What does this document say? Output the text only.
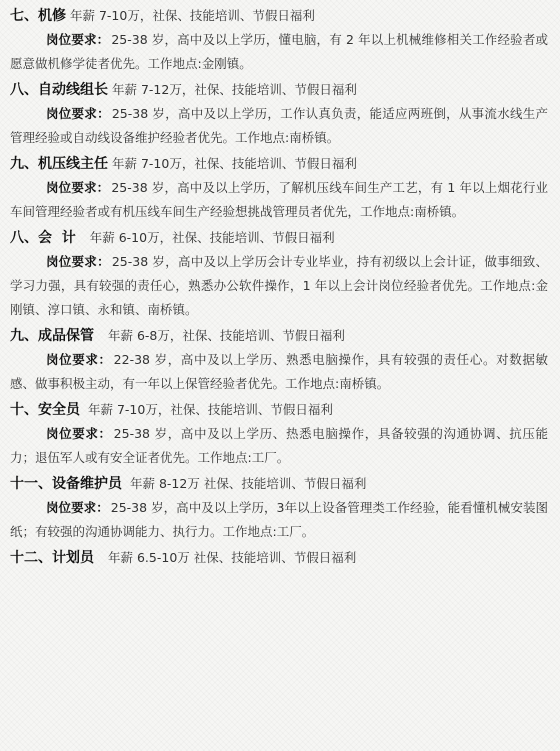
七、机修 年薪 7-10万，社保、技能培训、节假日福利

岗位要求： 25-38 岁，高中及以上学历，懂电脑，有 2 年以上机械维修相关工作经验者或愿意做机修学徒者优先。工作地点:金刚镇。

八、自动线组长 年薪 7-12万，社保、技能培训、节假日福利

岗位要求： 25-38 岁，高中及以上学历，工作认真负责，能适应两班倒，从事流水线生产管理经验或自动线设备维护经验者优先。工作地点:南桥镇。

九、机压线主任 年薪 7-10万，社保、技能培训、节假日福利

岗位要求： 25-38 岁，高中及以上学历，了解机压线车间生产工艺，有 1 年以上烟花行业车间管理经验者或有机压线车间生产经验想挑战管理员者优先，工作地点:南桥镇。

八、会  计 年薪 6-10万，社保、技能培训、节假日福利

岗位要求： 25-38 岁，高中及以上学历会计专业毕业，持有初级以上会计证，做事细致、学习力强，具有较强的责任心，熟悉办公软件操作，1 年以上会计岗位经验者优先。工作地点:金刚镇、淳口镇、永和镇、南桥镇。

九、成品保管 年薪 6-8万，社保、技能培训、节假日福利

岗位要求： 22-38 岁，高中及以上学历、熟悉电脑操作，具有较强的责任心。对数据敏感、做事积极主动，有一年以上保管经验者优先。工作地点:南桥镇。

十、安全员 年薪 7-10万，社保、技能培训、节假日福利

岗位要求： 25-38 岁，高中及以上学历、热悉电脑操作，具备较强的沟通协调、抗压能力；退伍军人或有安全证者优先。工作地点:工厂。

十一、设备维护员 年薪 8-12万 社保、技能培训、节假日福利

岗位要求： 25-38 岁，高中及以上学历，3年以上设备管理类工作经验，能看懂机械安装图纸；有较强的沟通协调能力、执行力。工作地点:工厂。

十二、计划员 年薪 6.5-10万 社保、技能培训、节假日福利
